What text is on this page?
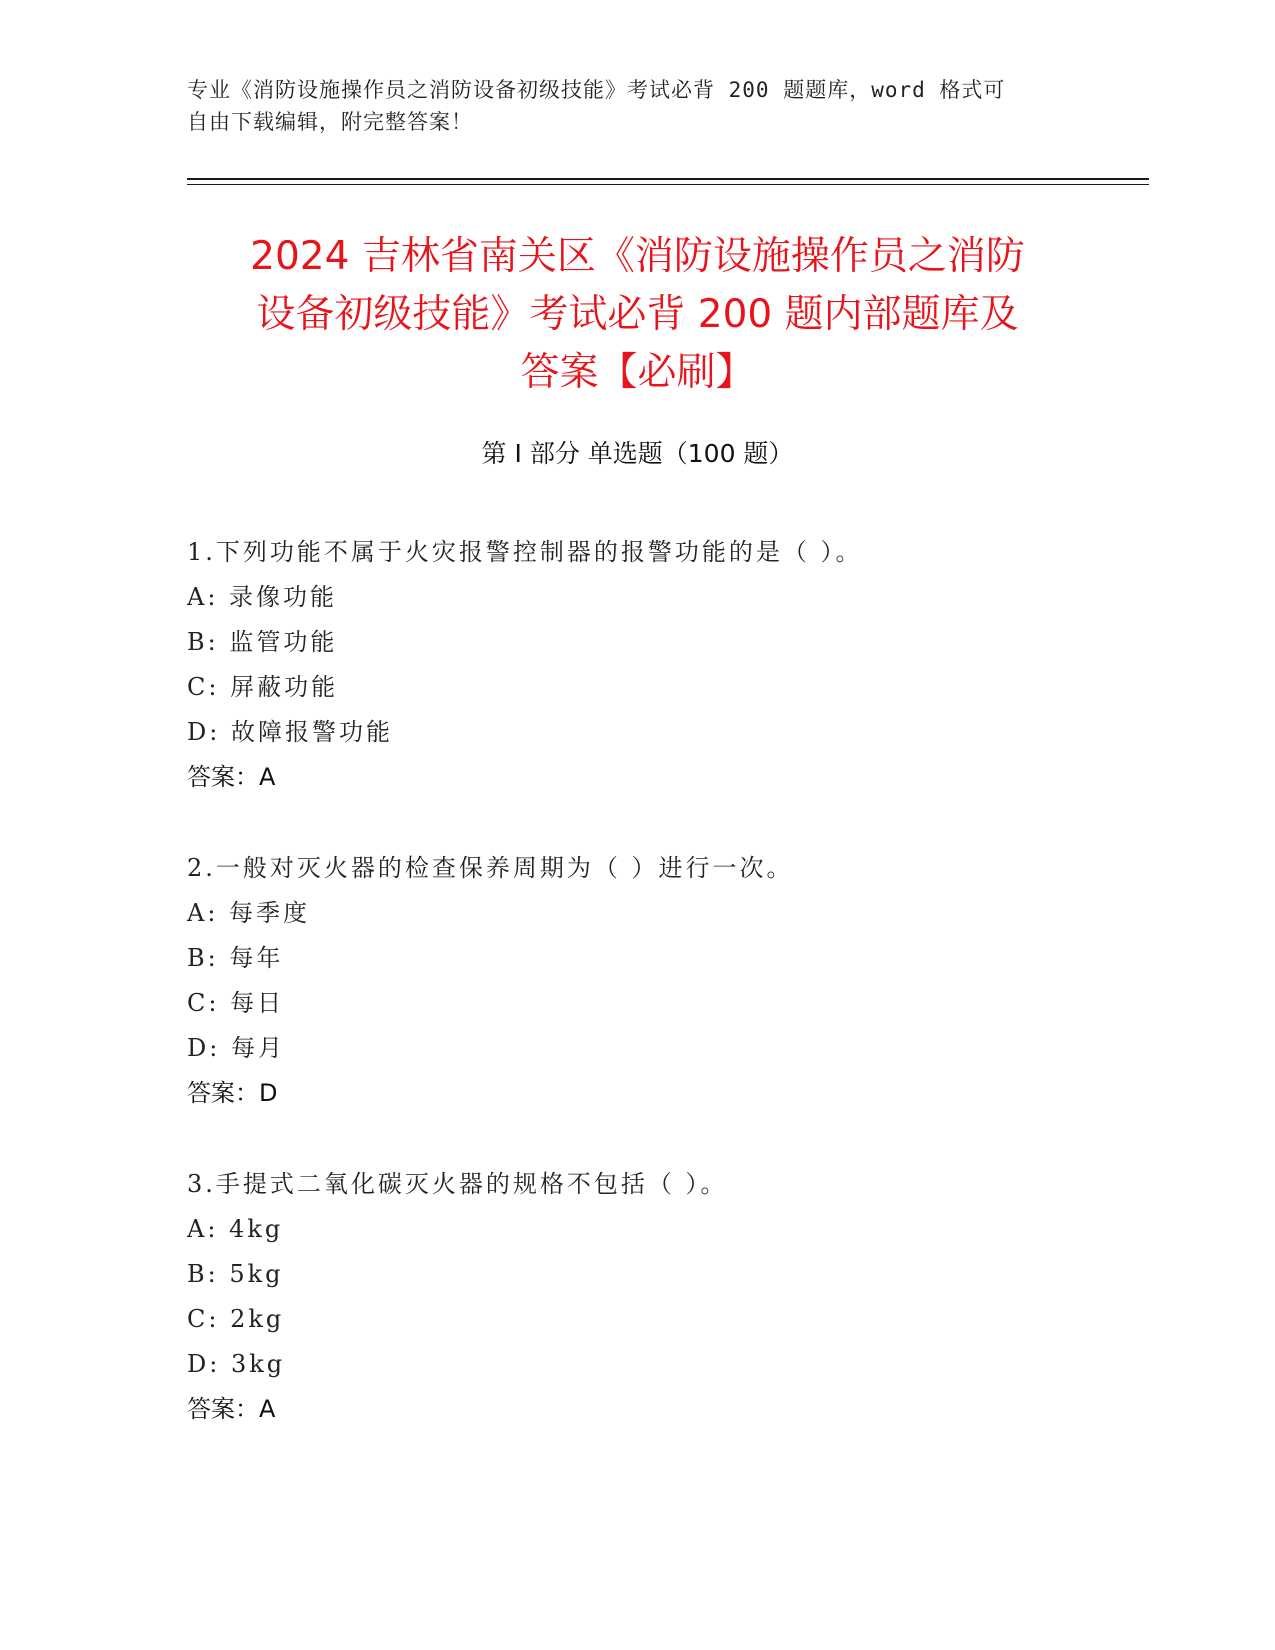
专业《消防设施操作员之消防设备初级技能》考试必背 200 题题库，word 格式可
自由下载编辑，附完整答案！
2024 吉林省南关区《消防设施操作员之消防
设备初级技能》考试必背 200 题内部题库及
答案【必刷】
第 I 部分 单选题（100 题）
1.下列功能不属于火灾报警控制器的报警功能的是（ ）。
A: 录像功能
B: 监管功能
C: 屏蔽功能
D: 故障报警功能
答案：A
2.一般对灭火器的检查保养周期为（ ）进行一次。
A: 每季度
B: 每年
C: 每日
D: 每月
答案：D
3.手提式二氧化碳灭火器的规格不包括（ ）。
A: 4kg
B: 5kg
C: 2kg
D: 3kg
答案：A
